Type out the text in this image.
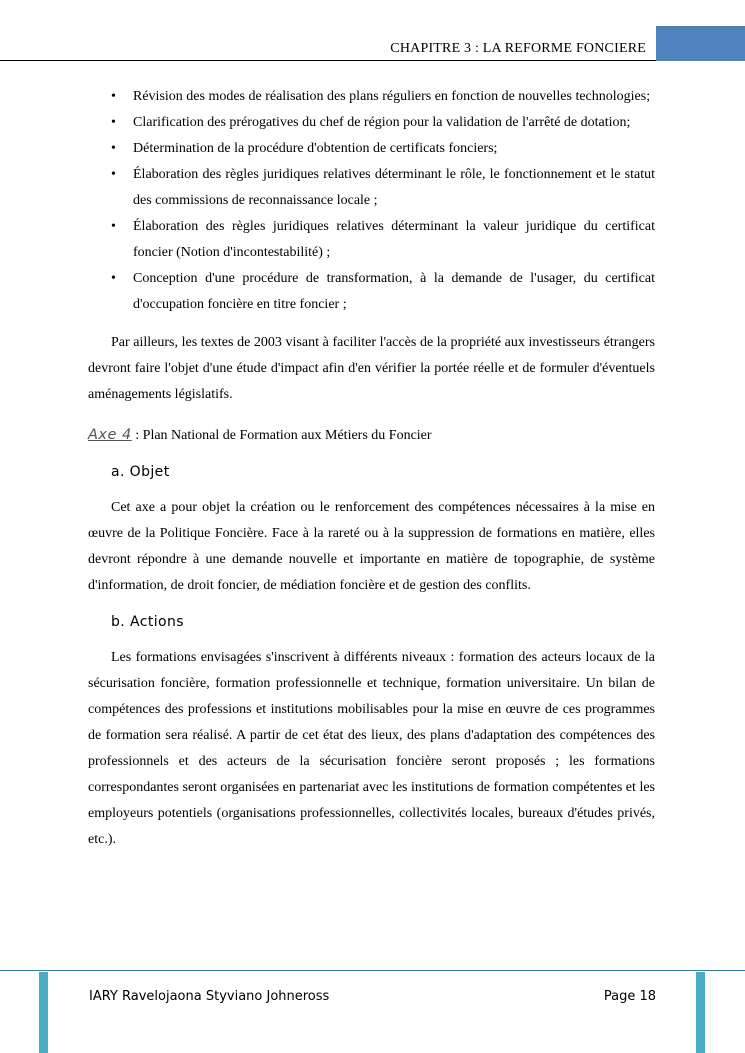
CHAPITRE 3 : LA REFORME FONCIERE
• Révision des modes de réalisation des plans réguliers en fonction de nouvelles technologies;
• Clarification des prérogatives du chef de région pour la validation de l'arrêté de dotation;
• Détermination de la procédure d'obtention de certificats fonciers;
• Élaboration des règles juridiques relatives déterminant le rôle, le fonctionnement et le statut des commissions de reconnaissance locale ;
• Élaboration des règles juridiques relatives déterminant la valeur juridique du certificat foncier (Notion d'incontestabilité) ;
• Conception d'une procédure de transformation, à la demande de l'usager, du certificat d'occupation foncière en titre foncier ;

Par ailleurs, les textes de 2003 visant à faciliter l'accès de la propriété aux investisseurs étrangers devront faire l'objet d'une étude d'impact afin d'en vérifier la portée réelle et de formuler d'éventuels aménagements législatifs.

Axe 4 : Plan National de Formation aux Métiers du Foncier
a. Objet

Cet axe a pour objet la création ou le renforcement des compétences nécessaires à la mise en œuvre de la Politique Foncière. Face à la rareté ou à la suppression de formations en matière, elles devront répondre à une demande nouvelle et importante en matière de topographie, de système d'information, de droit foncier, de médiation foncière et de gestion des conflits.

b. Actions

Les formations envisagées s'inscrivent à différents niveaux : formation des acteurs locaux de la sécurisation foncière, formation professionnelle et technique, formation universitaire. Un bilan de compétences des professions et institutions mobilisables pour la mise en œuvre de ces programmes de formation sera réalisé. A partir de cet état des lieux, des plans d'adaptation des compétences des professionnels et des acteurs de la sécurisation foncière seront proposés ; les formations correspondantes seront organisées en partenariat avec les institutions de formation compétentes et les employeurs potentiels (organisations professionnelles, collectivités locales, bureaux d'études privés, etc.).

IARY Ravelojaona Styviano Johneross	Page 18
